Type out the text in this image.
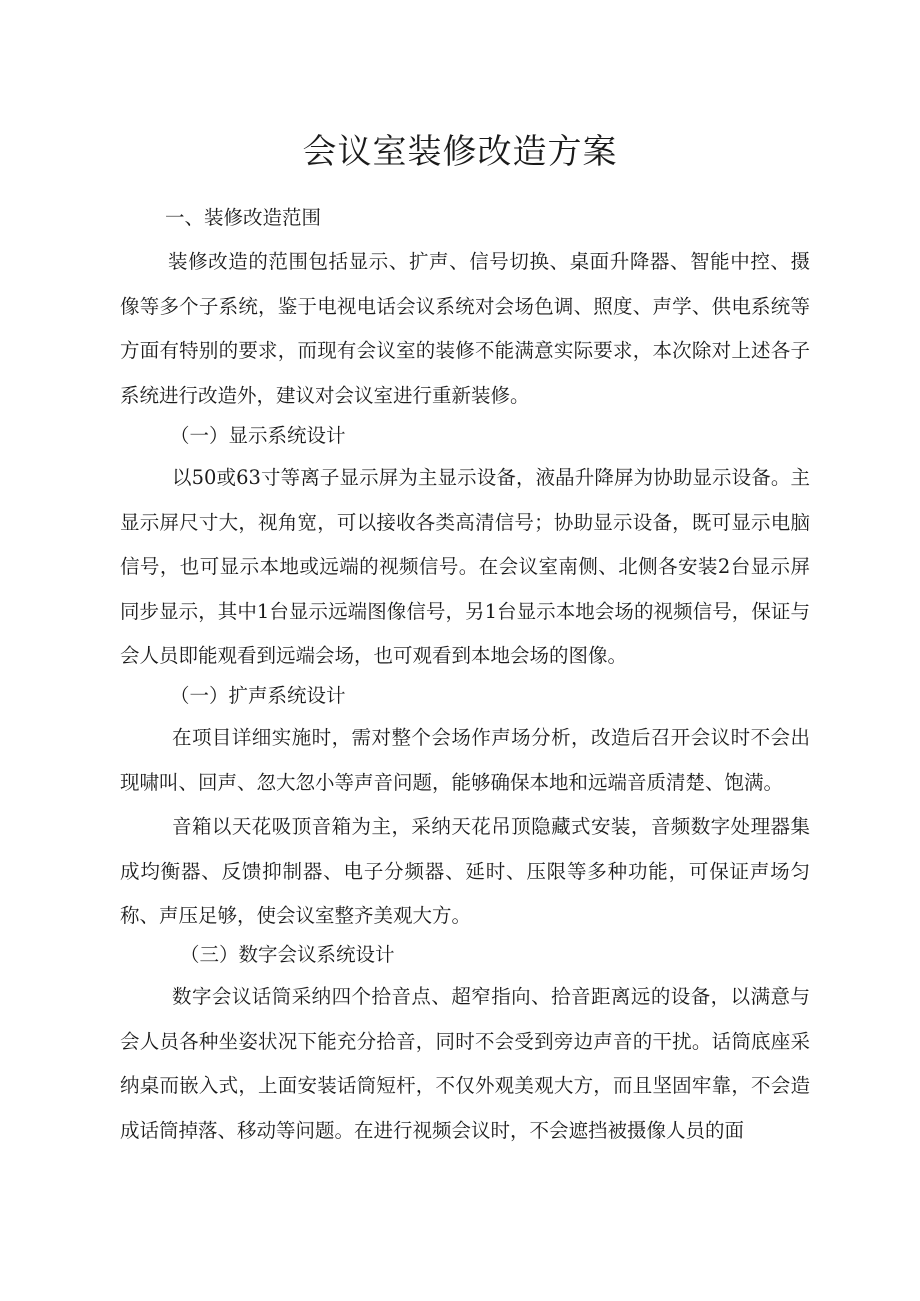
会议室装修改造方案
一、装修改造范围

装修改造的范围包括显示、扩声、信号切换、桌面升降器、智能中控、摄像等多个子系统，鉴于电视电话会议系统对会场色调、照度、声学、供电系统等方面有特别的要求，而现有会议室的装修不能满意实际要求，本次除对上述各子系统进行改造外，建议对会议室进行重新装修。

（一）显示系统设计

以50或63寸等离子显示屏为主显示设备，液晶升降屏为协助显示设备。主显示屏尺寸大，视角宽，可以接收各类高清信号；协助显示设备，既可显示电脑信号，也可显示本地或远端的视频信号。在会议室南侧、北侧各安装2台显示屏同步显示，其中1台显示远端图像信号，另1台显示本地会场的视频信号，保证与会人员即能观看到远端会场，也可观看到本地会场的图像。

（一）扩声系统设计

在项目详细实施时，需对整个会场作声场分析，改造后召开会议时不会出现啸叫、回声、忽大忽小等声音问题，能够确保本地和远端音质清楚、饱满。

音箱以天花吸顶音箱为主，采纳天花吊顶隐藏式安装，音频数字处理器集成均衡器、反馈抑制器、电子分频器、延时、压限等多种功能，可保证声场匀称、声压足够，使会议室整齐美观大方。

（三）数字会议系统设计

数字会议话筒采纳四个拾音点、超窄指向、拾音距离远的设备，以满意与会人员各种坐姿状况下能充分拾音，同时不会受到旁边声音的干扰。话筒底座采纳桌而嵌入式，上面安装话筒短杆，不仅外观美观大方，而且坚固牢靠，不会造成话筒掉落、移动等问题。在进行视频会议时，不会遮挡被摄像人员的面
